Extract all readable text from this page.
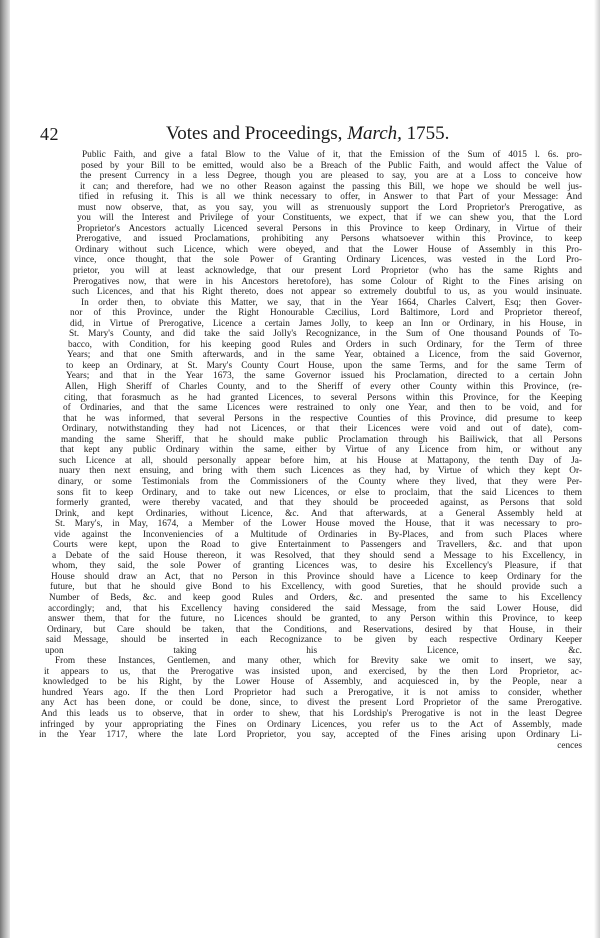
42	Votes and Proceedings, March, 1755.
Public Faith, and give a fatal Blow to the Value of it, that the Emission of the Sum of 4015 l. 6s. pro-
posed by your Bill to be emitted, would also be a Breach of the Public Faith, and would affect the Value of
the present Currency in a less Degree, though you are pleased to say, you are at a Loss to conceive how
it can; and therefore, had we no other Reason against the passing this Bill, we hope we should be well jus-
tified in refusing it. This is all we think necessary to offer, in Answer to that Part of your Message: And
must now observe, that, as you say, you will as strenuously support the Lord Proprietor's Prerogative, as
you will the Interest and Privilege of your Constituents, we expect, that if we can shew you, that the Lord
Proprietor's Ancestors actually Licenced several Persons in this Province to keep Ordinary, in Virtue of their
Prerogative, and issued Proclamations, prohibiting any Persons whatsoever within this Province, to keep
Ordinary without such Licence, which were obeyed, and that the Lower House of Assembly in this Pro-
vince, once thought, that the sole Power of Granting Ordinary Licences, was vested in the Lord Pro-
prietor, you will at least acknowledge, that our present Lord Proprietor (who has the same Rights and
Prerogatives now, that were in his Ancestors heretofore), has some Colour of Right to the Fines arising on
such Licences, and that his Right thereto, does not appear so extremely doubtful to us, as you would insinuate.
In order then, to obviate this Matter, we say, that in the Year 1664, Charles Calvert, Esq; then Gover-
nor of this Province, under the Right Honourable Cæcilius, Lord Baltimore, Lord and Proprietor thereof,
did, in Virtue of Prerogative, Licence a certain James Jolly, to keep an Inn or Ordinary, in his House, in
St. Mary's County, and did take the said Jolly's Recognizance, in the Sum of One thousand Pounds of To-
bacco, with Condition, for his keeping good Rules and Orders in such Ordinary, for the Term of three
Years; and that one Smith afterwards, and in the same Year, obtained a Licence, from the said Governor,
to keep an Ordinary, at St. Mary's County Court House, upon the same Terms, and for the same Term of
Years; and that in the Year 1673, the same Governor issued his Proclamation, directed to a certain John
Allen, High Sheriff of Charles County, and to the Sheriff of every other County within this Province, (re-
citing, that forasmuch as he had granted Licences, to several Persons within this Province, for the Keeping
of Ordinaries, and that the same Licences were restrained to only one Year, and then to be void, and for
that he was informed, that several Persons in the respective Counties of this Province, did presume to keep
Ordinary, notwithstanding they had not Licences, or that their Licences were void and out of date), com-
manding the same Sheriff, that he should make public Proclamation through his Bailiwick, that all Persons
that kept any public Ordinary within the same, either by Virtue of any Licence from him, or without any
such Licence at all, should personally appear before him, at his House at Mattapony, the tenth Day of Ja-
nuary then next ensuing, and bring with them such Licences as they had, by Virtue of which they kept Or-
dinary, or some Testimonials from the Commissioners of the County where they lived, that they were Per-
sons fit to keep Ordinary, and to take out new Licences, or else to proclaim, that the said Licences to them
formerly granted, were thereby vacated, and that they should be proceeded against, as Persons that sold
Drink, and kept Ordinaries, without Licence, &c. And that afterwards, at a General Assembly held at
St. Mary's, in May, 1674, a Member of the Lower House moved the House, that it was necessary to pro-
vide against the Inconveniencies of a Multitude of Ordinaries in By-Places, and from such Places where
Courts were kept, upon the Road to give Entertainment to Passengers and Travellers, &c. and that upon
a Debate of the said House thereon, it was Resolved, that they should send a Message to his Excellency, in
whom, they said, the sole Power of granting Licences was, to desire his Excellency's Pleasure, if that
House should draw an Act, that no Person in this Province should have a Licence to keep Ordinary for the
future, but that he should give Bond to his Excellency, with good Sureties, that he should provide such a
Number of Beds, &c. and keep good Rules and Orders, &c. and presented the same to his Excellency
accordingly; and, that his Excellency having considered the said Message, from the said Lower House, did
answer them, that for the future, no Licences should be granted, to any Person within this Province, to keep
Ordinary, but Care should be taken, that the Conditions, and Reservations, desired by that House, in their
said Message, should be inserted in each Recognizance to be given by each respective Ordinary Keeper
upon taking his Licence, &c.
From these Instances, Gentlemen, and many other, which for Brevity sake we omit to insert, we say,
it appears to us, that the Prerogative was insisted upon, and exercised, by the then Lord Proprietor, ac-
knowledged to be his Right, by the Lower House of Assembly, and acquiesced in, by the People, near a
hundred Years ago. If the then Lord Proprietor had such a Prerogative, it is not amiss to consider, whether
any Act has been done, or could be done, since, to divest the present Lord Proprietor of the same Prerogative.
And this leads us to observe, that in order to shew, that his Lordship's Prerogative is not in the least Degree
infringed by your appropriating the Fines on Ordinary Licences, you refer us to the Act of Assembly, made
in the Year 1717, where the late Lord Proprietor, you say, accepted of the Fines arising upon Ordinary Li-
cences
